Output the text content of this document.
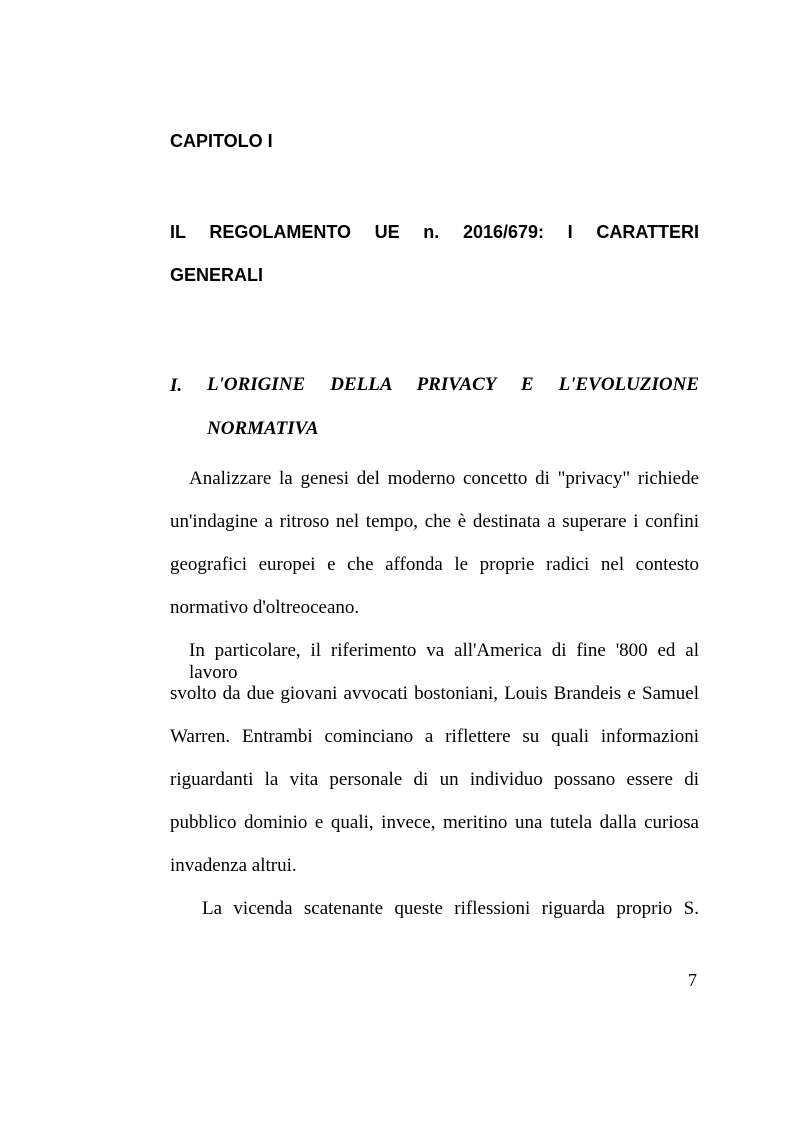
CAPITOLO I
IL REGOLAMENTO UE n. 2016/679: I CARATTERI
GENERALI
I. L'ORIGINE DELLA PRIVACY E L'EVOLUZIONE
NORMATIVA
Analizzare la genesi del moderno concetto di "privacy" richiede
un'indagine a ritroso nel tempo, che è destinata a superare i confini
geografici europei e che affonda le proprie radici nel contesto
normativo d'oltreoceano.
In particolare, il riferimento va all'America di fine '800 ed al lavoro
svolto da due giovani avvocati bostoniani, Louis Brandeis e Samuel
Warren. Entrambi cominciano a riflettere su quali informazioni
riguardanti la vita personale di un individuo possano essere di
pubblico dominio e quali, invece, meritino una tutela dalla curiosa
invadenza altrui.
La vicenda scatenante queste riflessioni riguarda proprio S.
7
